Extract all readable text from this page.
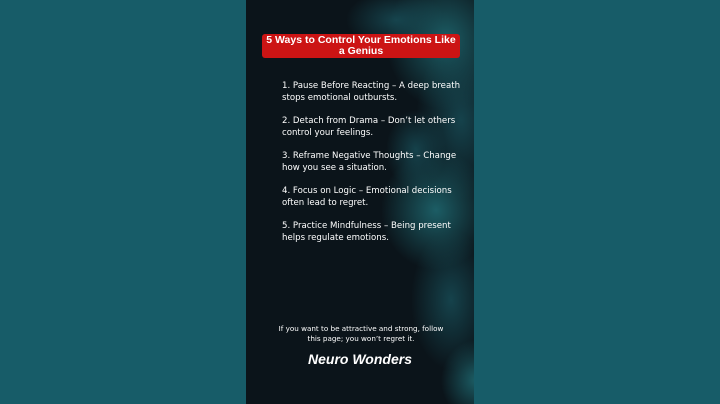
5 Ways to Control Your Emotions Like a Genius
1. Pause Before Reacting – A deep breath stops emotional outbursts.
2. Detach from Drama – Don’t let others control your feelings.
3. Reframe Negative Thoughts – Change how you see a situation.
4. Focus on Logic – Emotional decisions often lead to regret.
5. Practice Mindfulness – Being present helps regulate emotions.
If you want to be attractive and strong, follow this page; you won’t regret it.
Neuro Wonders
